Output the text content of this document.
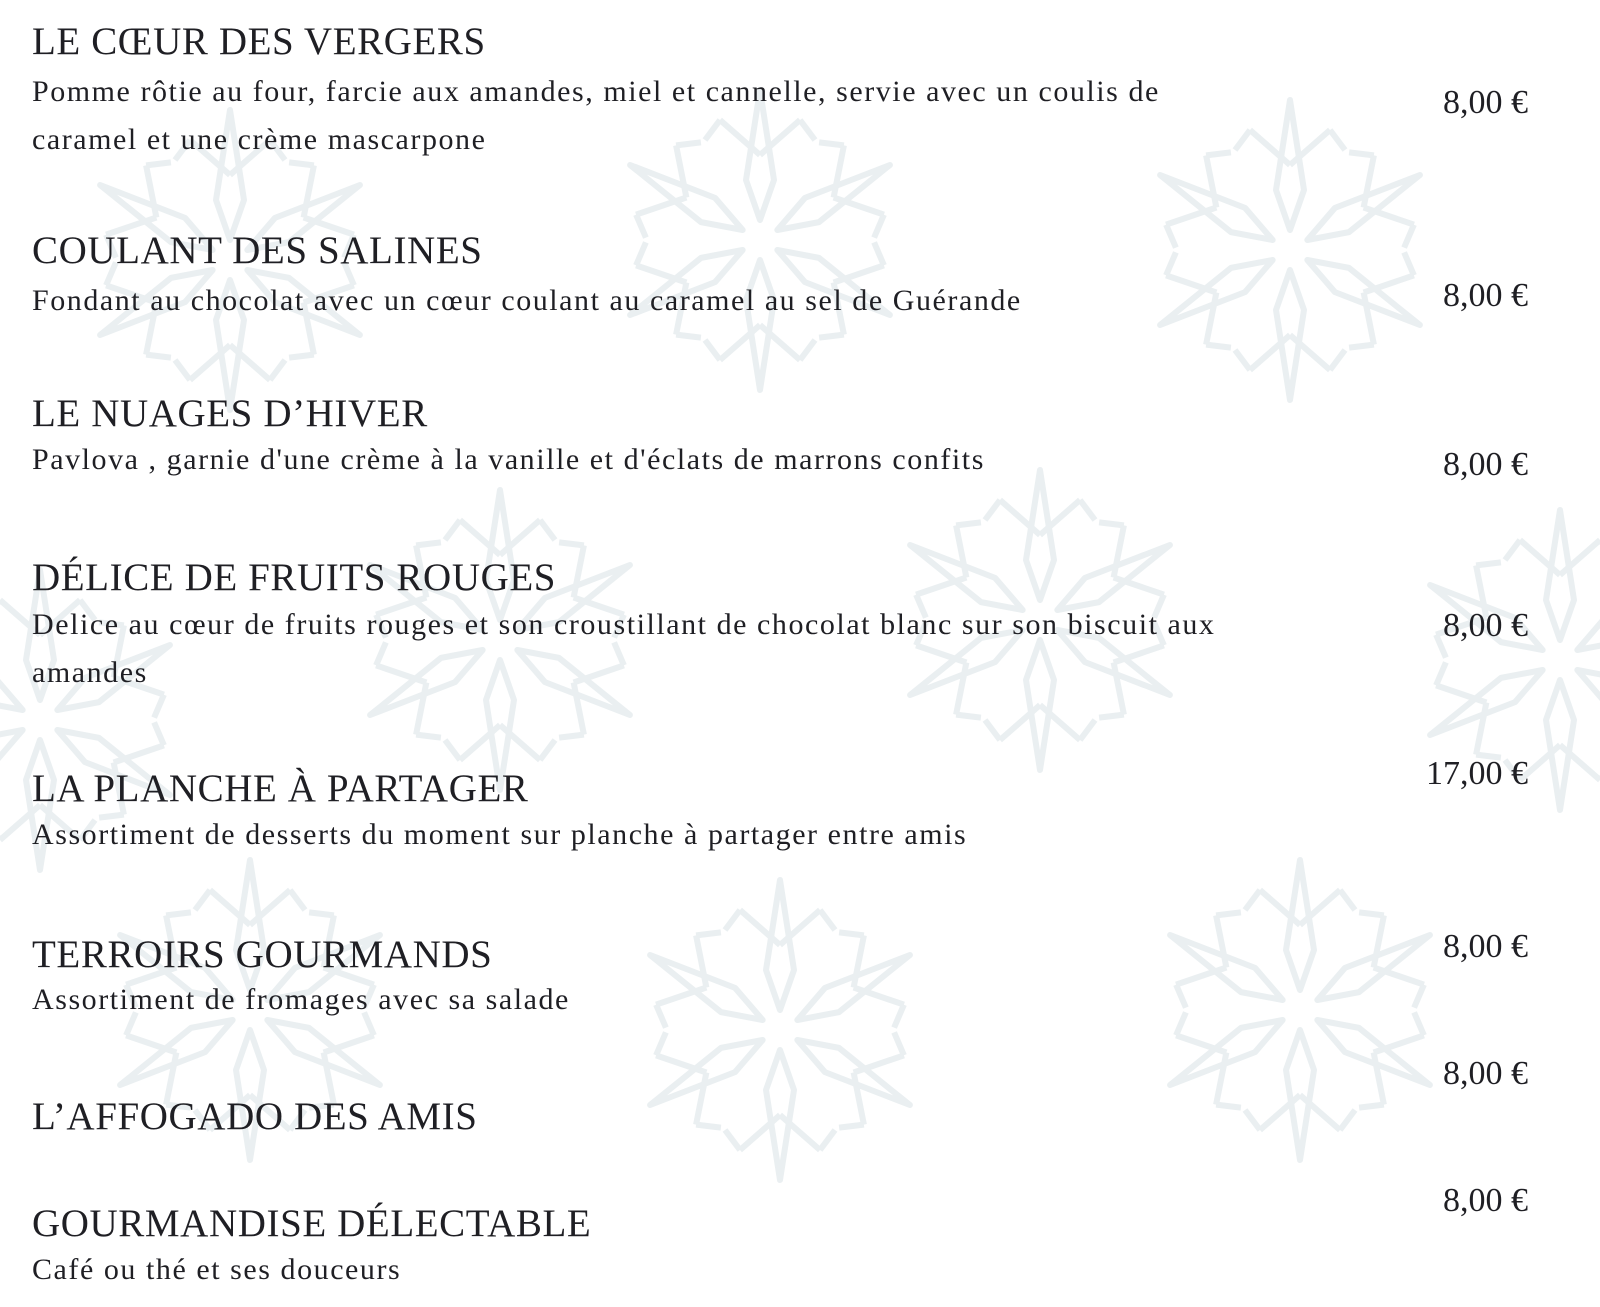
LE CŒUR DES VERGERS
Pomme rôtie au four, farcie aux amandes, miel et cannelle, servie avec un coulis de caramel et une crème mascarpone
8,00 €
COULANT DES SALINES
Fondant au chocolat avec un cœur coulant au caramel au sel de Guérande	8,00 €
LE NUAGES D’HIVER
Pavlova , garnie d'une crème à la vanille et d'éclats de marrons confits	8,00 €
DÉLICE DE FRUITS ROUGES
Delice au cœur de fruits rouges et son croustillant de chocolat blanc sur son biscuit aux amandes
8,00 €
LA PLANCHE À PARTAGER
Assortiment de desserts du moment sur planche à partager entre amis
17,00 €
TERROIRS GOURMANDS
Assortiment de fromages avec sa salade
8,00 €
L’AFFOGADO DES AMIS
8,00 €
GOURMANDISE DÉLECTABLE
Café ou thé et ses douceurs
8,00 €
